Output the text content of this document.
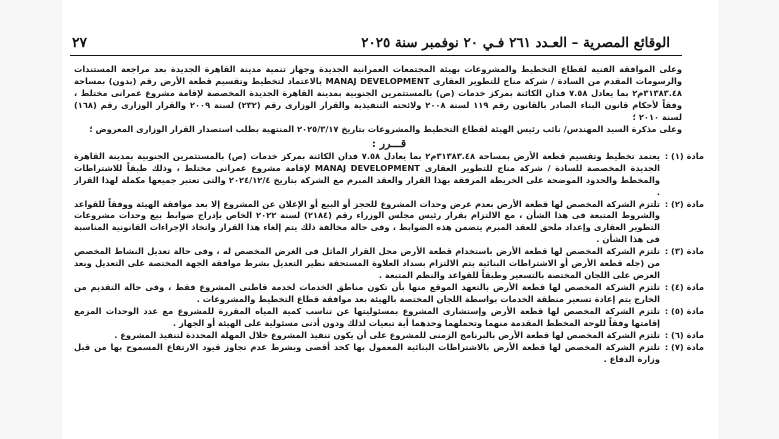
الوقائع المصرية – العـدد ٢٦١ فـي ٢٠ نوفمبر سنة ٢٠٢٥
٢٧

وعلى الموافقة الفنية لقطاع التخطيط والمشروعات بهيئة المجتمعات العمرانية الجديدة وجهاز تنمية مدينة القاهرة الجديدة بعد مراجعة المستندات والرسومات المقدم من السادة / شركة مناج للتطوير العقارى MANAJ DEVELOPMENT بالاعتماد لتخطيط وتقسيم قطعة الأرض رقم (بدون) بمساحة ٣١٣٨٣.٤٨م٢ بما يعادل ٧.٥٨ فدان الكائنة بمركز خدمات (ص) بالمستثمرين الجنوبية بمدينة القاهرة الجديدة المخصصة لإقامة مشروع عمرانى مختلط ، وفقاً لأحكام قانون البناء الصادر بالقانون رقم ١١٩ لسنة ٢٠٠٨ ولائحته التنفيذية والقرار الوزارى رقم (٢٣٢) لسنة ٢٠٠٩ والقرار الوزارى رقم (١٦٨) لسنة ٢٠١٠ ؛

وعلى مذكرة السيد المهندس/ نائب رئيس الهيئة لقطاع التخطيط والمشروعات بتاريخ ٢٠٢٥/٣/١٧ المنتهية بطلب استصدار القرار الوزارى المعروض ؛

قـــرر :

مادة (١) :
يعتمد تخطيط وتقسيم قطعة الأرض بمساحة ٣١٣٨٣.٤٨م٢ بما يعادل ٧.٥٨ فدان الكائنة بمركز خدمات (ص) بالمستثمرين الجنوبية بمدينة القاهرة الجديدة المخصصة للسادة / شركة مناج للتطوير العقارى MANAJ DEVELOPMENT لإقامة مشروع عمرانى مختلط ، وذلك طبقاً للاشتراطات والمخطط والحدود الموضحة على الخريطة المرفقة بهذا القرار والعقد المبرم مع الشركة بتاريخ ٢٠٢٤/١٢/٤ والتى تعتبر جميعها مكملة لهذا القرار .
مادة (٢) :
تلتزم الشركة المخصص لها قطعة الأرض بعدم عرض وحدات المشروع للحجز أو البيع أو الإعلان عن المشروع إلا بعد موافقة الهيئة ووفقاً للقواعد والشروط المتبعة فى هذا الشأن ، مع الالتزام بقرار رئيس مجلس الوزراء رقم (٢١٨٤) لسنة ٢٠٢٢ الخاص بإدراج ضوابط بيع وحدات مشروعات التطوير العقارى وإعداد ملحق للعقد المبرم يتضمن هذه الضوابط ، وفى حالة مخالفة ذلك يتم إلغاء هذا القرار واتخاذ الإجراءات القانونية المناسبة فى هذا الشأن .
مادة (٣) :
تلتزم الشركة المخصص لها قطعة الأرض باستخدام قطعة الأرض محل القرار الماثل فى الغرض المخصص له ، وفى حالة تعديل النشاط المخصص من (جله قطعة الأرض أو الاشتراطات البنائية يتم الالتزام بسداد العلاوة المستحقة نظير التعديل بشرط موافقة الجهة المختصة على التعديل وبعد العرض على اللجان المختصة بالتسعير وطبقاً للقواعد والنظم المتبعة .
مادة (٤) :
تلتزم الشركة المخصص لها قطعة الأرض بالتعهد الموقع منها بأن تكون مناطق الخدمات لخدمة قاطنى المشروع فقط ، وفى حالة التقديم من الخارج يتم إعادة تسعير منطقة الخدمات بواسطة اللجان المختصة بالهيئة بعد موافقة قطاع التخطيط والمشروعات .
مادة (٥) :
تلتزم الشركة المخصص لها قطعة الأرض وإستشارى المشروع بمسئوليتها عن تناسب كمية المياه المقررة للمشروع مع عدد الوحدات المزمع إقامتها وفقاً للوحة المخطط المقدمة منهما وتحملهما وحدهما أية تبعيات لذلك ودون أدنى مسئولية على الهيئة أو الجهاز .
مادة (٦) :
تلتزم الشركة المخصص لها قطعة الأرض بالبرنامج الزمنى للمشروع على أن يكون تنفيذ المشروع خلال المهلة المحددة لتنفيذ المشروع .
مادة (٧) :
تلتزم الشركة المخصص لها قطعة الأرض بالاشتراطات البنائية المعمول بها كحد أقصى وبشرط عدم تجاوز قيود الارتفاع المسموح بها من قبل وزارة الدفاع .
